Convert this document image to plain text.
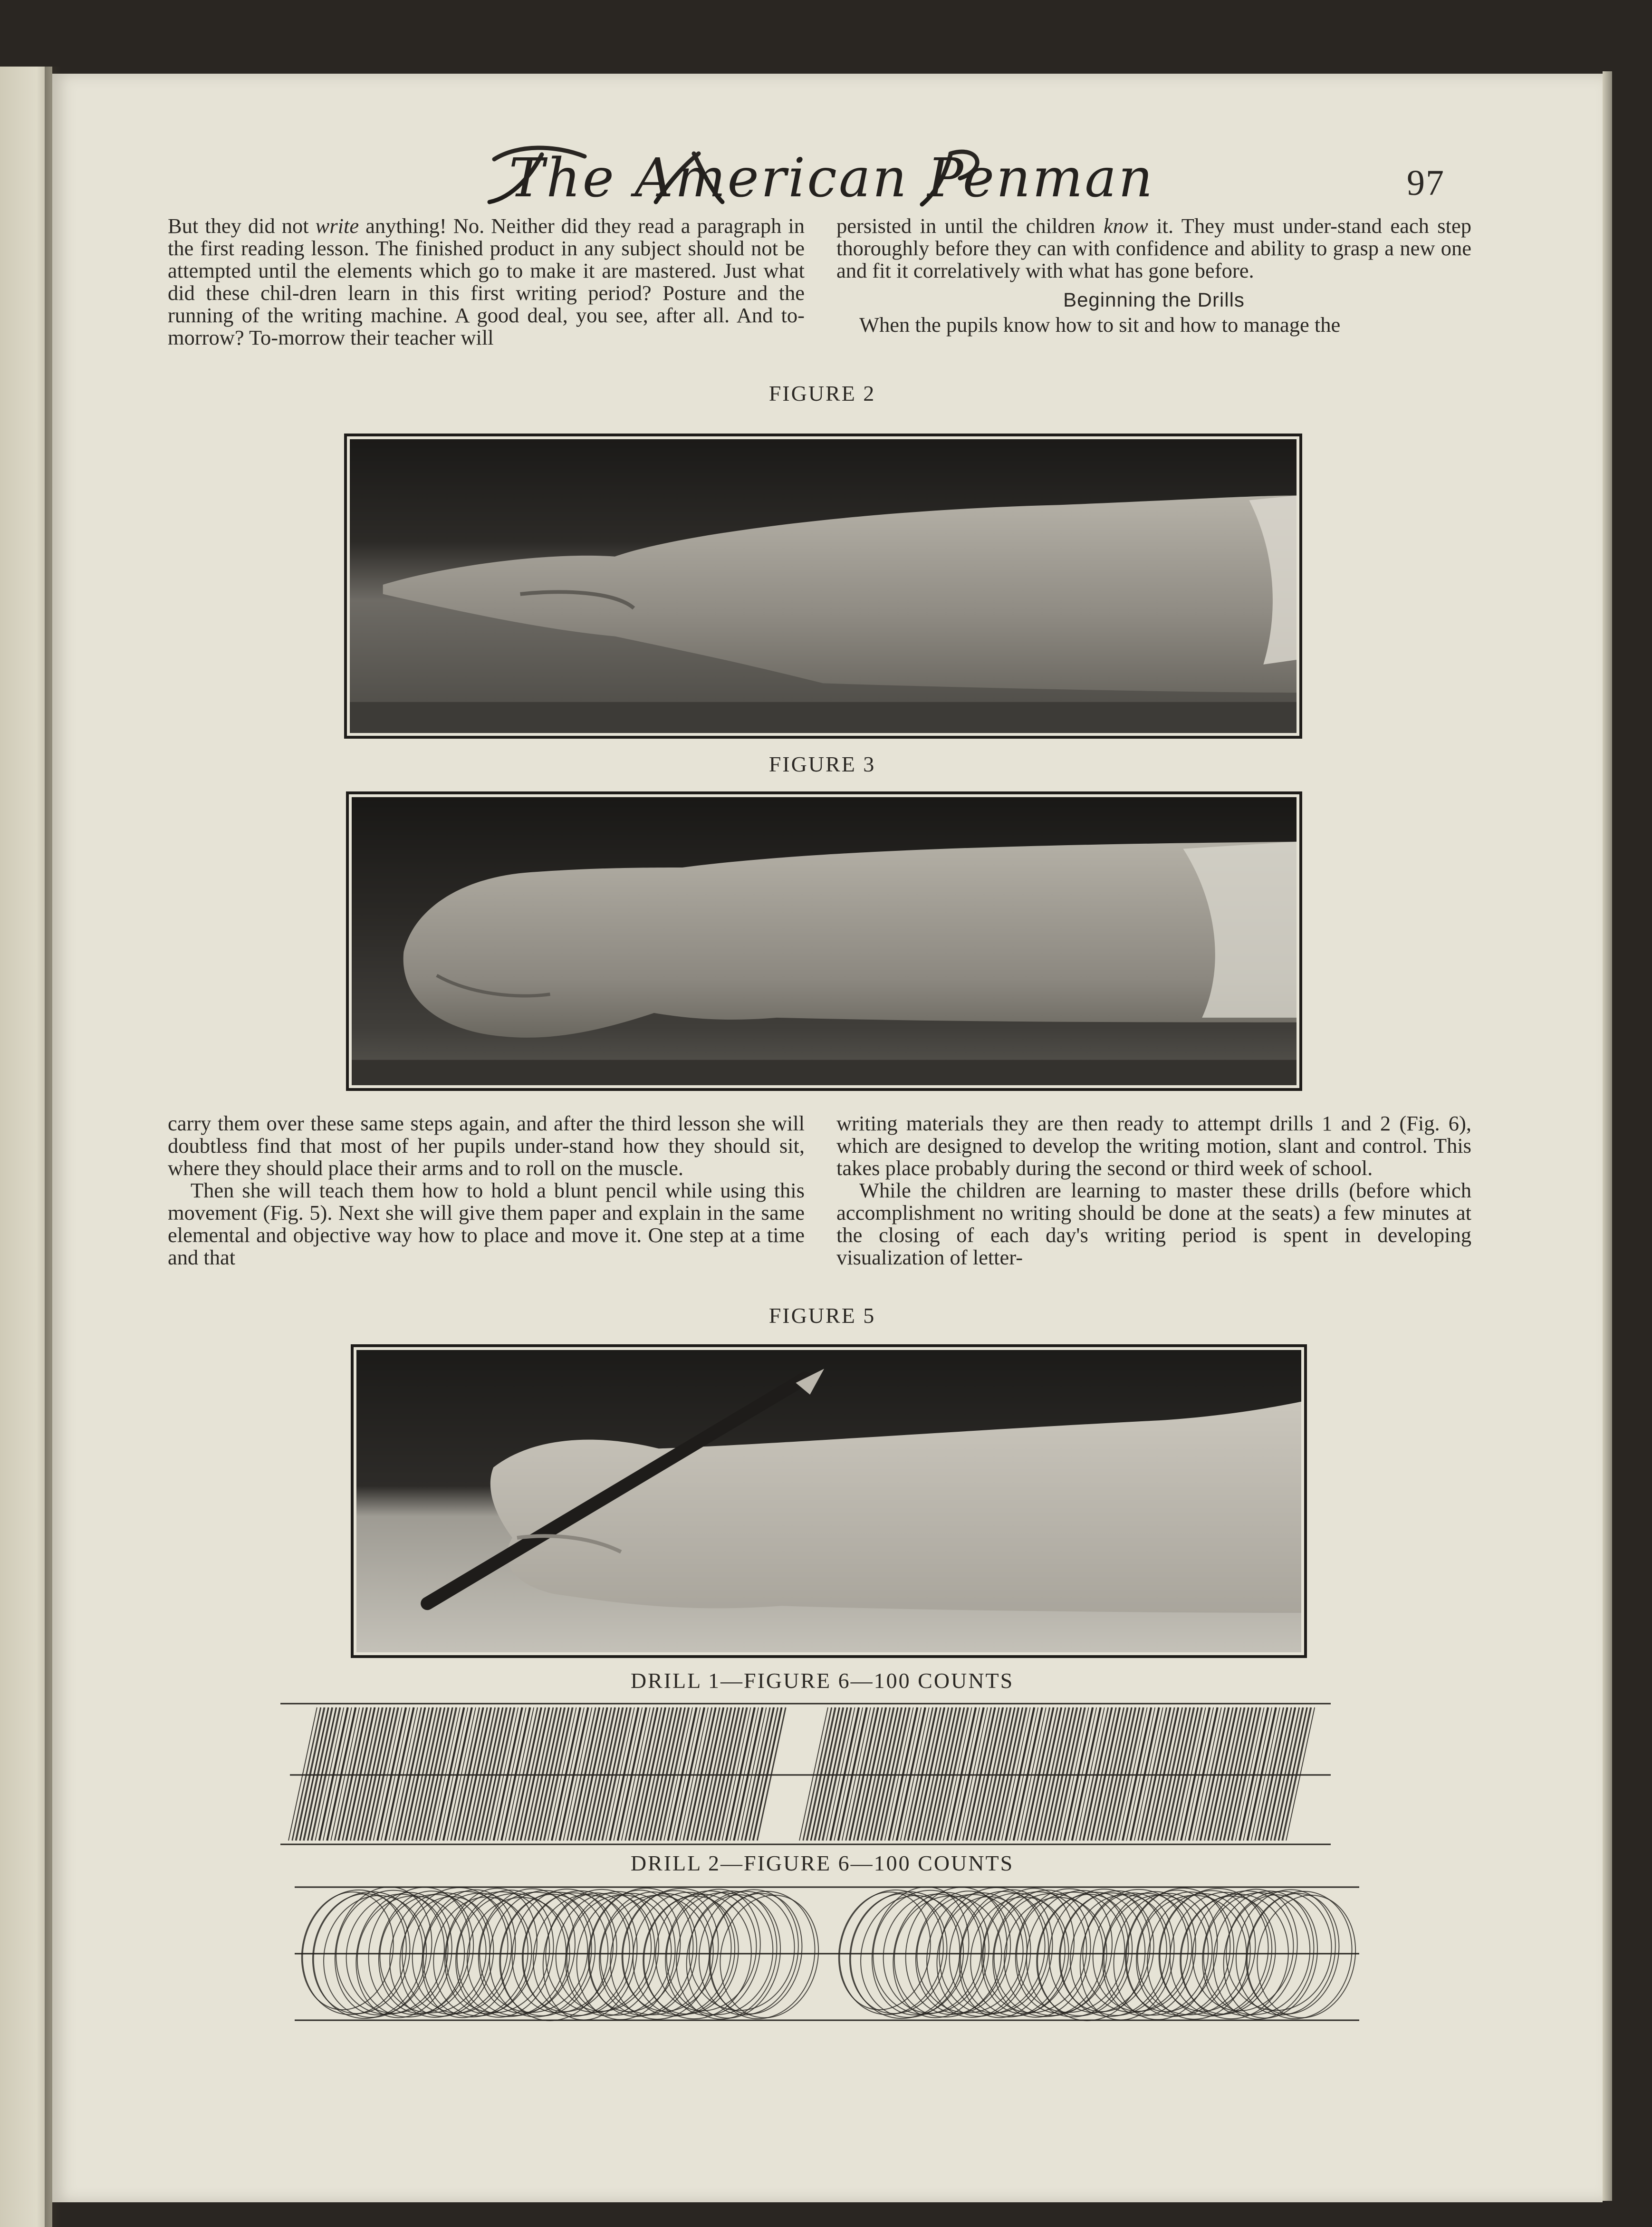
The American Penman	97

But they did not write anything! No. Neither did they read a paragraph in the first reading lesson. The finished product in any subject should not be attempted until the elements which go to make it are mastered. Just what did these chil-dren learn in this first writing period? Posture and the running of the writing machine. A good deal, you see, after all. And to-morrow? To-morrow their teacher will

persisted in until the children know it. They must under-stand each step thoroughly before they can with confidence and ability to grasp a new one and fit it correlatively with what has gone before.

Beginning the Drills

When the pupils know how to sit and how to manage the

FIGURE 2
FIGURE 3

carry them over these same steps again, and after the third lesson she will doubtless find that most of her pupils under-stand how they should sit, where they should place their arms and to roll on the muscle.

Then she will teach them how to hold a blunt pencil while using this movement (Fig. 5). Next she will give them paper and explain in the same elemental and objective way how to place and move it. One step at a time and that

writing materials they are then ready to attempt drills 1 and 2 (Fig. 6), which are designed to develop the writing motion, slant and control. This takes place probably during the second or third week of school.

While the children are learning to master these drills (before which accomplishment no writing should be done at the seats) a few minutes at the closing of each day's writing period is spent in developing visualization of letter-

FIGURE 5
DRILL 1—FIGURE 6—100 COUNTS
DRILL 2—FIGURE 6—100 COUNTS
